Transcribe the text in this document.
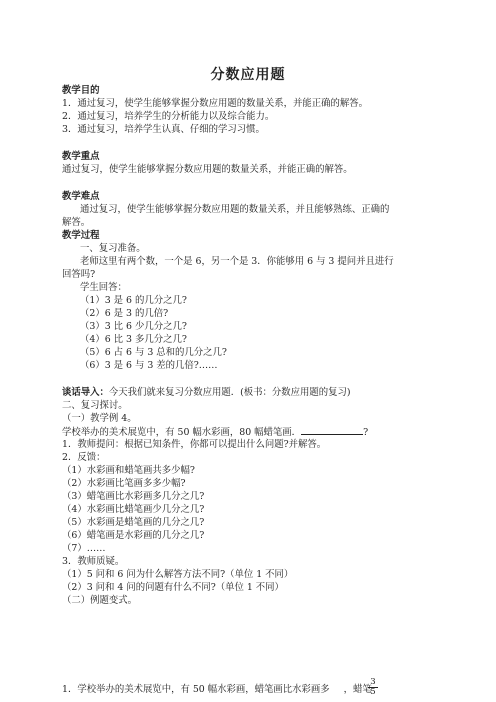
分数应用题
教学目的
1．通过复习，使学生能够掌握分数应用题的数量关系，并能正确的解答。
2．通过复习，培养学生的分析能力以及综合能力。
3．通过复习，培养学生认真、仔细的学习习惯。
教学重点
通过复习，使学生能够掌握分数应用题的数量关系，并能正确的解答。
教学难点
通过复习，使学生能够掌握分数应用题的数量关系，并且能够熟练、正确的
解答。
教学过程
一、复习准备。
老师这里有两个数，一个是 6，另一个是 3．你能够用 6 与 3 提问并且进行
回答吗?
学生回答：
（1）3 是 6 的几分之几?
（2）6 是 3 的几倍?
（3）3 比 6 少几分之几?
（4）6 比 3 多几分之几?
（5）6 占 6 与 3 总和的几分之几?
（6）3 是 6 与 3 差的几倍?……
谈话导入：今天我们就来复习分数应用题．(板书：分数应用题的复习)
二、复习探讨。
（一）教学例 4。
学校举办的美术展览中，有 50 幅水彩画，80 幅蜡笔画．	?
1．教师提问：根据已知条件，你都可以提出什么问题?并解答。
2．反馈：
（1）水彩画和蜡笔画共多少幅?
（2）水彩画比笔画多多少幅?
（3）蜡笔画比水彩画多几分之几?
（4）水彩画比蜡笔画少几分之几?
（5）水彩画是蜡笔画的几分之几?
（6）蜡笔画是水彩画的几分之几?
（7）……
3．教师质疑。
（1）5 问和 6 问为什么解答方法不同?（单位 1 不同）
（2）3 问和 4 问的问题有什么不同?（单位 1 不同）
（二）例题变式。
$\frac{3}{5}$
1．学校举办的美术展览中，有 50 幅水彩画，蜡笔画比水彩画多 ，蜡笔
